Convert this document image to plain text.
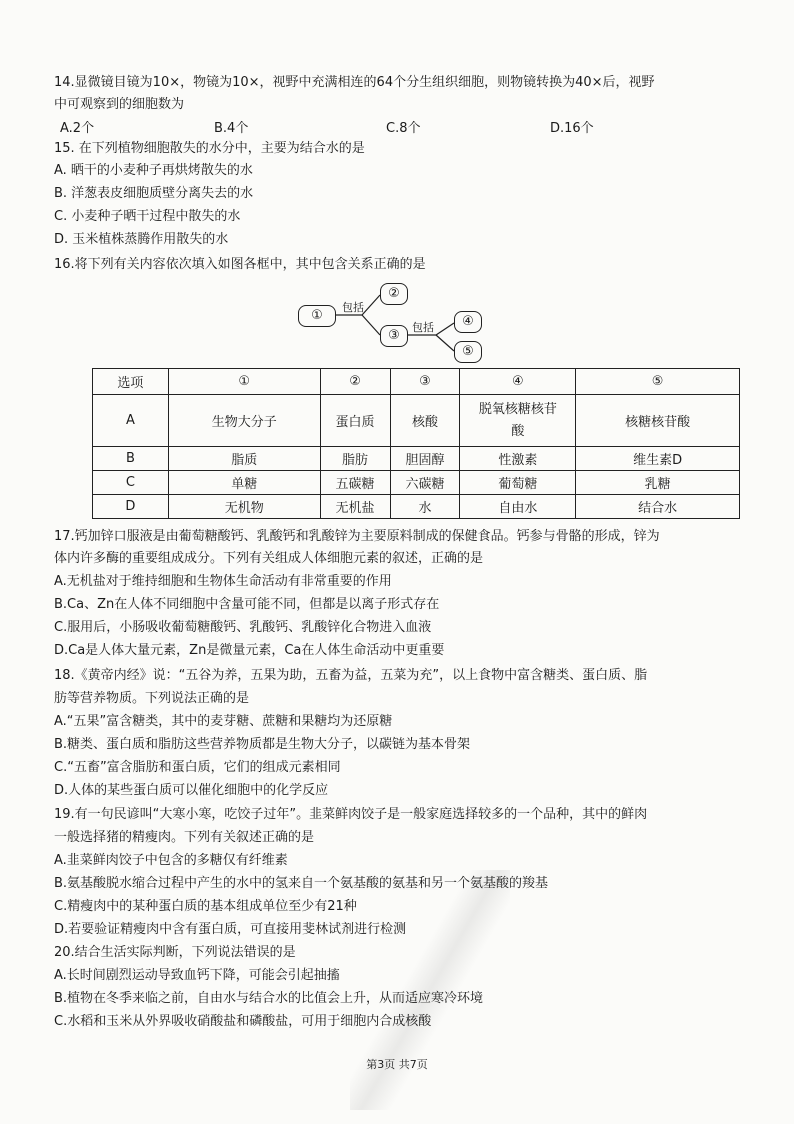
14.显微镜目镜为10×，物镜为10×，视野中充满相连的64个分生组织细胞，则物镜转换为40×后，视野
中可观察到的细胞数为
A.2个	B.4个	C.8个	D.16个
15. 在下列植物细胞散失的水分中，主要为结合水的是
A. 晒干的小麦种子再烘烤散失的水
B. 洋葱表皮细胞质壁分离失去的水
C. 小麦种子晒干过程中散失的水
D. 玉米植株蒸腾作用散失的水
16.将下列有关内容依次填入如图各框中，其中包含关系正确的是
①
包括
②
③
包括	④
⑤
选项	①	②	③	④	⑤
A	生物大分子	蛋白质	核酸	脱氧核糖核苷酸	核糖核苷酸
B	脂质	脂肪	胆固醇	性激素	维生素D
C	单糖	五碳糖	六碳糖	葡萄糖	乳糖
D	无机物	无机盐	水	自由水	结合水
17.钙加锌口服液是由葡萄糖酸钙、乳酸钙和乳酸锌为主要原料制成的保健食品。钙参与骨骼的形成，锌为
体内许多酶的重要组成成分。下列有关组成人体细胞元素的叙述，正确的是
A.无机盐对于维持细胞和生物体生命活动有非常重要的作用
B.Ca、Zn在人体不同细胞中含量可能不同，但都是以离子形式存在
C.服用后，小肠吸收葡萄糖酸钙、乳酸钙、乳酸锌化合物进入血液
D.Ca是人体大量元素，Zn是微量元素，Ca在人体生命活动中更重要
18.《黄帝内经》说：“五谷为养，五果为助，五畜为益，五菜为充”，以上食物中富含糖类、蛋白质、脂
肪等营养物质。下列说法正确的是
A.“五果”富含糖类，其中的麦芽糖、蔗糖和果糖均为还原糖
B.糖类、蛋白质和脂肪这些营养物质都是生物大分子，以碳链为基本骨架
C.“五畜”富含脂肪和蛋白质，它们的组成元素相同
D.人体的某些蛋白质可以催化细胞中的化学反应
19.有一句民谚叫“大寒小寒，吃饺子过年”。韭菜鲜肉饺子是一般家庭选择较多的一个品种，其中的鲜肉
一般选择猪的精瘦肉。下列有关叙述正确的是
A.韭菜鲜肉饺子中包含的多糖仅有纤维素
B.氨基酸脱水缩合过程中产生的水中的氢来自一个氨基酸的氨基和另一个氨基酸的羧基
C.精瘦肉中的某种蛋白质的基本组成单位至少有21种
D.若要验证精瘦肉中含有蛋白质，可直接用斐林试剂进行检测
20.结合生活实际判断，下列说法错误的是
A.长时间剧烈运动导致血钙下降，可能会引起抽搐
B.植物在冬季来临之前，自由水与结合水的比值会上升，从而适应寒冷环境
C.水稻和玉米从外界吸收硝酸盐和磷酸盐，可用于细胞内合成核酸
第3页 共7页
